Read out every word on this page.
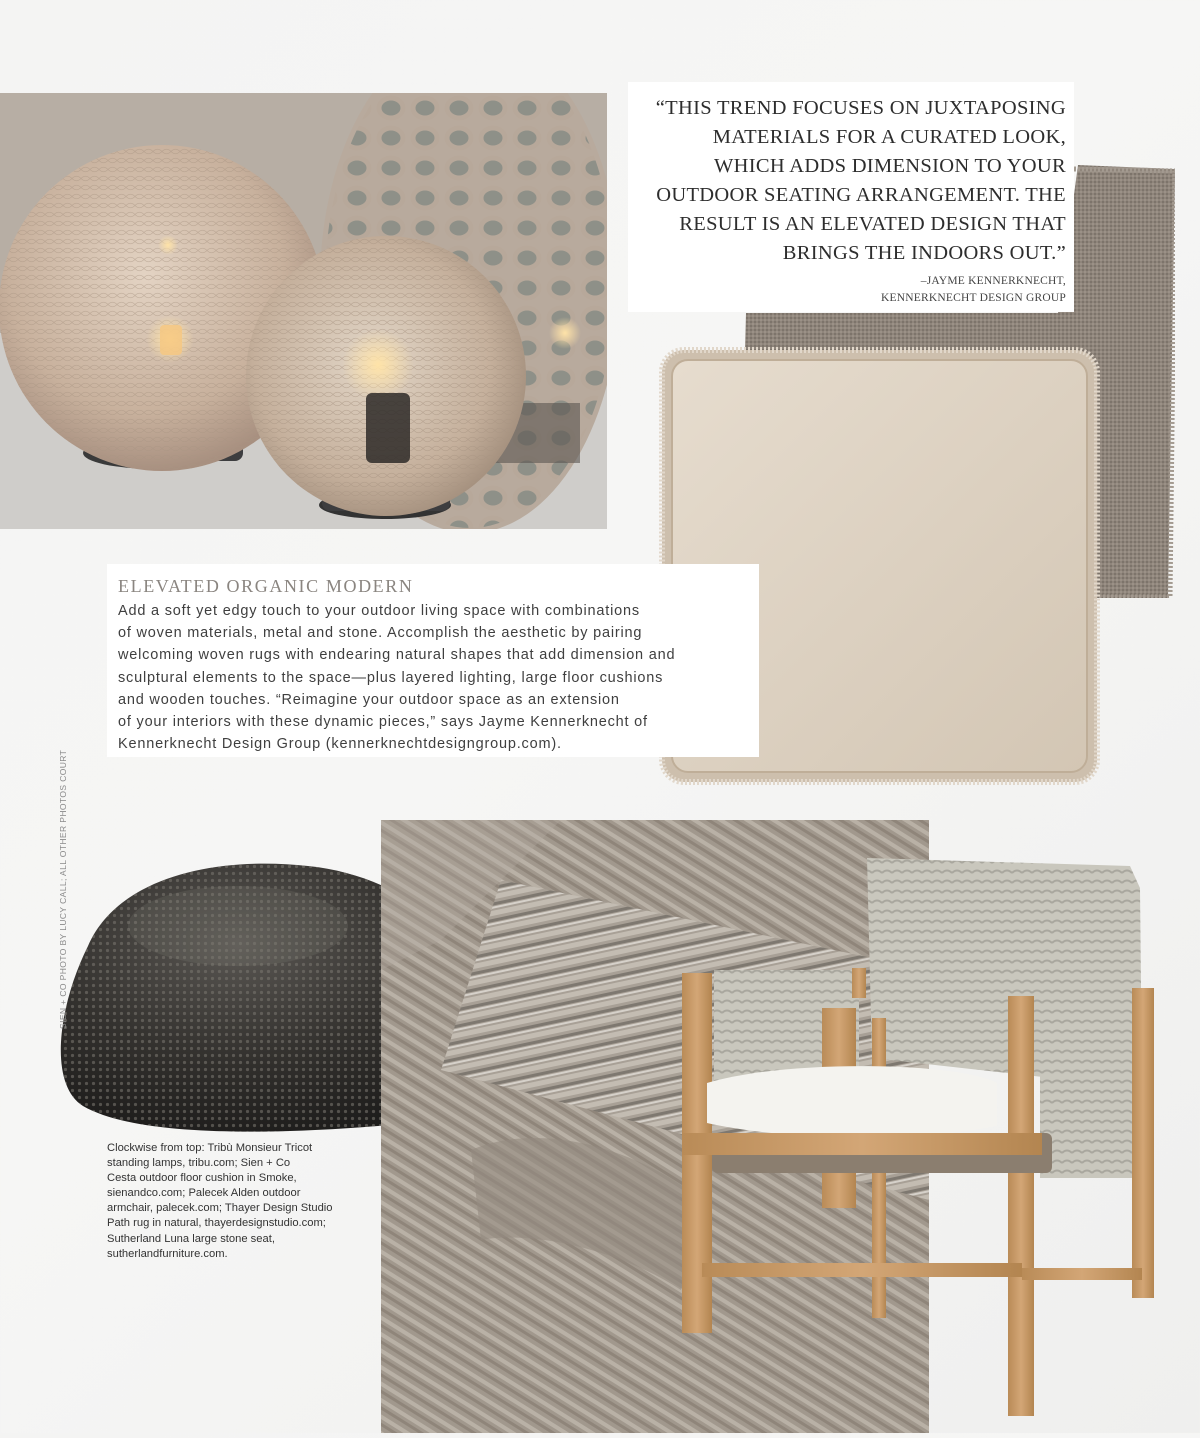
“THIS TREND FOCUSES ON JUXTAPOSING
MATERIALS FOR A CURATED LOOK,
WHICH ADDS DIMENSION TO YOUR
OUTDOOR SEATING ARRANGEMENT. THE
RESULT IS AN ELEVATED DESIGN THAT
BRINGS THE INDOORS OUT.”

–JAYME KENNERKNECHT,
KENNERKNECHT DESIGN GROUP
ELEVATED ORGANIC MODERN

Add a soft yet edgy touch to your outdoor living space with combinations
of woven materials, metal and stone. Accomplish the aesthetic by pairing
welcoming woven rugs with endearing natural shapes that add dimension and
sculptural elements to the space—plus layered lighting, large floor cushions
and wooden touches. “Reimagine your outdoor space as an extension
of your interiors with these dynamic pieces,” says Jayme Kennerknecht of
Kennerknecht Design Group (kennerknechtdesigngroup.com).

Clockwise from top: Tribù Monsieur Tricot
standing lamps, tribu.com; Sien + Co
Cesta outdoor floor cushion in Smoke,
sienandco.com; Palecek Alden outdoor
armchair, palecek.com; Thayer Design Studio
Path rug in natural, thayerdesignstudio.com;
Sutherland Luna large stone seat,
sutherlandfurniture.com.

SIEN + CO PHOTO BY LUCY CALL; ALL OTHER PHOTOS COURT
